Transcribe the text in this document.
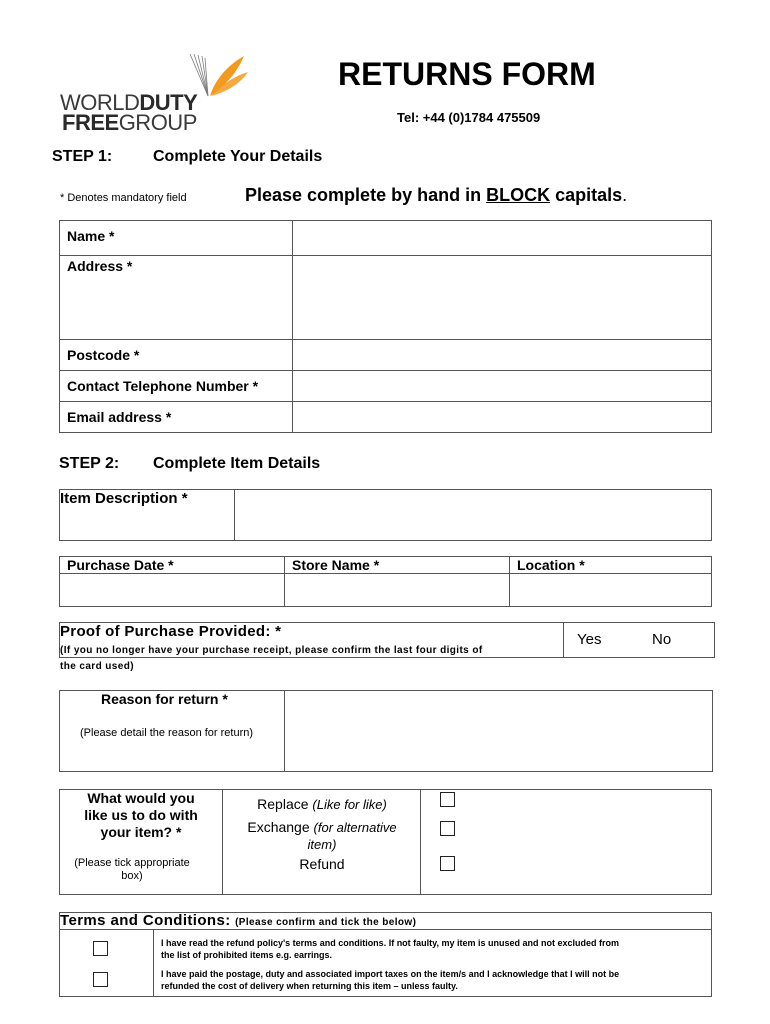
WORLDDUTY
FREEGROUP
RETURNS FORM
Tel: +44 (0)1784 475509
STEP 1:	Complete Your Details
* Denotes mandatory field	Please complete by hand in BLOCK capitals.
Name *	

Address *	

Postcode *	

Contact Telephone Number *	

Email address *	

STEP 2: Complete Item Details
Item Description *
Purchase Date *	Store Name *	Location *
Proof of Purchase Provided: *
(If you no longer have your purchase receipt, please confirm the last four digits of
the card used)
Yes	No
Reason for return *
(Please detail the reason for return)
What would you
like us to do with
your item? *
(Please tick appropriate
box)
Replace (Like for like)
Exchange (for alternative
item)
Refund
Terms and Conditions: (Please confirm and tick the below)
I have read the refund policy's terms and conditions. If not faulty, my item is unused and not excluded from
the list of prohibited items e.g. earrings.
I have paid the postage, duty and associated import taxes on the item/s and I acknowledge that I will not be
refunded the cost of delivery when returning this item – unless faulty.
